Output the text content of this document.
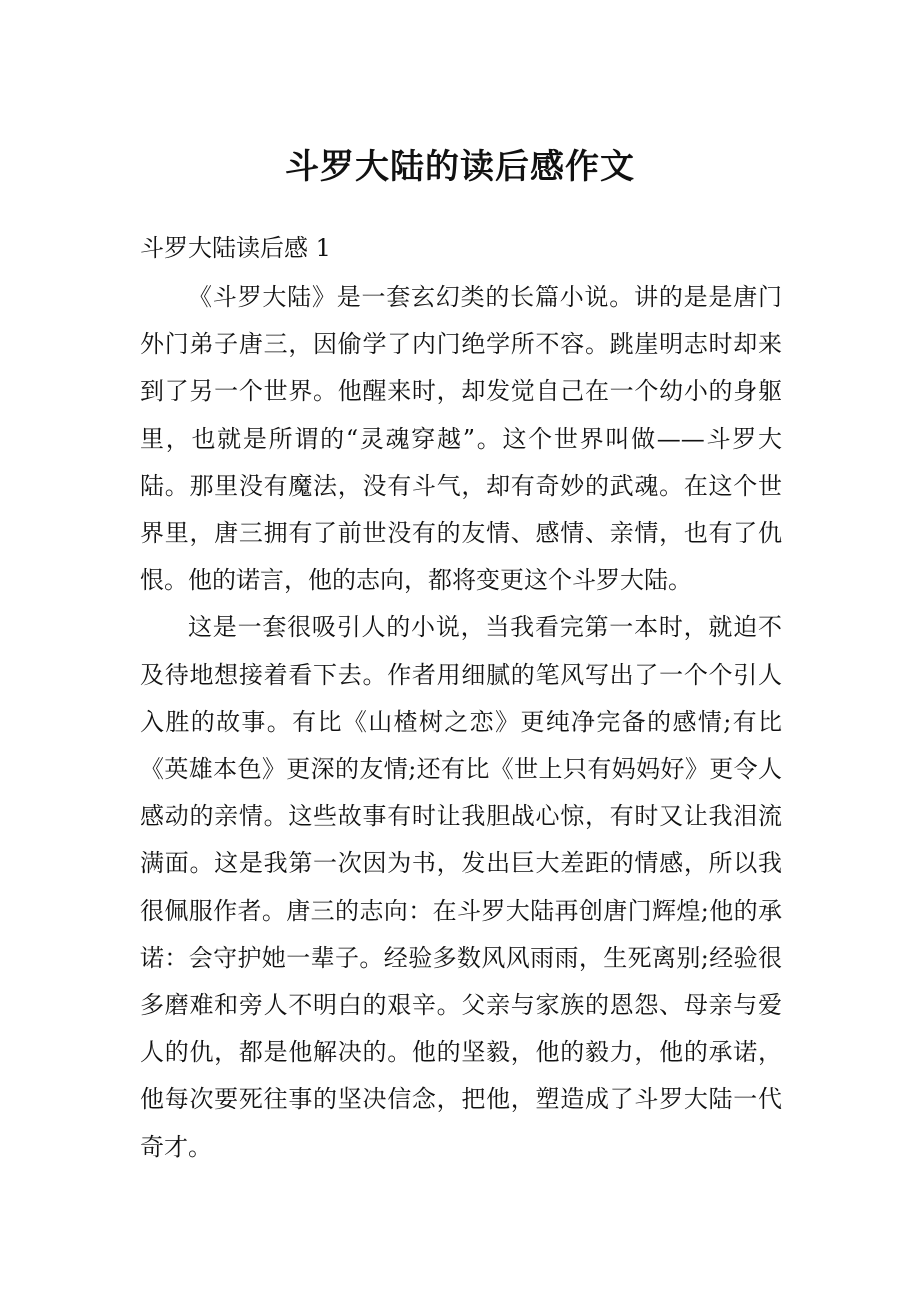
斗罗大陆的读后感作文

斗罗大陆读后感 1

《斗罗大陆》是一套玄幻类的长篇小说。讲的是是唐门外门弟子唐三，因偷学了内门绝学所不容。跳崖明志时却来到了另一个世界。他醒来时，却发觉自己在一个幼小的身躯里，也就是所谓的“灵魂穿越”。这个世界叫做——斗罗大陆。那里没有魔法，没有斗气，却有奇妙的武魂。在这个世界里，唐三拥有了前世没有的友情、感情、亲情，也有了仇恨。他的诺言，他的志向，都将变更这个斗罗大陆。

这是一套很吸引人的小说，当我看完第一本时，就迫不及待地想接着看下去。作者用细腻的笔风写出了一个个引人入胜的故事。有比《山楂树之恋》更纯净完备的感情;有比《英雄本色》更深的友情;还有比《世上只有妈妈好》更令人感动的亲情。这些故事有时让我胆战心惊，有时又让我泪流满面。这是我第一次因为书，发出巨大差距的情感，所以我很佩服作者。唐三的志向：在斗罗大陆再创唐门辉煌;他的承诺：会守护她一辈子。经验多数风风雨雨，生死离别;经验很多磨难和旁人不明白的艰辛。父亲与家族的恩怨、母亲与爱人的仇，都是他解决的。他的坚毅，他的毅力，他的承诺，他每次要死往事的坚决信念，把他，塑造成了斗罗大陆一代奇才。
